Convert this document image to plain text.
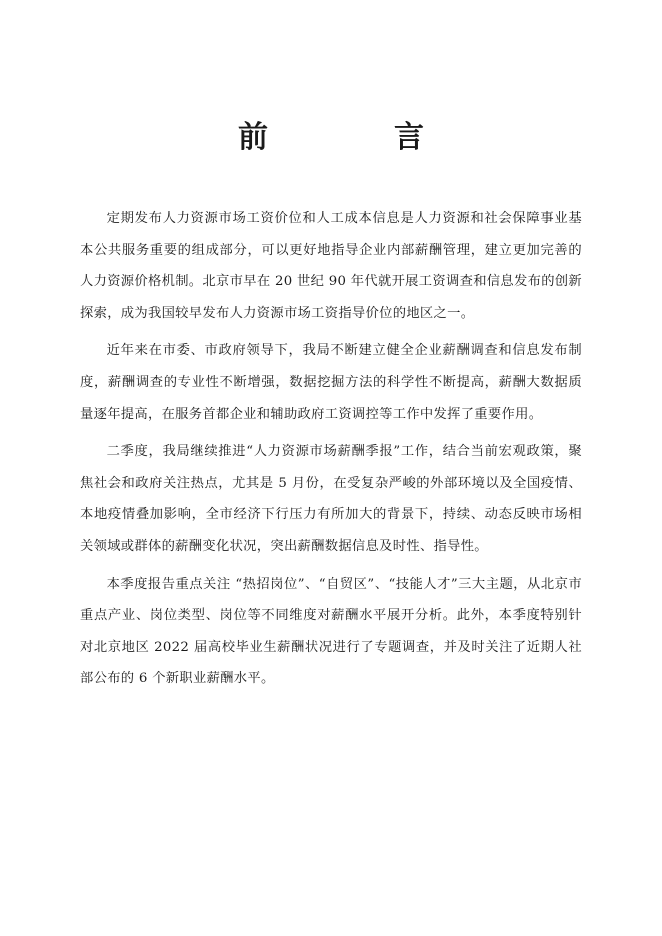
前　言

定期发布人力资源市场工资价位和人工成本信息是人力资源和社会保障事业基本公共服务重要的组成部分，可以更好地指导企业内部薪酬管理，建立更加完善的人力资源价格机制。北京市早在 20 世纪 90 年代就开展工资调查和信息发布的创新探索，成为我国较早发布人力资源市场工资指导价位的地区之一。

近年来在市委、市政府领导下，我局不断建立健全企业薪酬调查和信息发布制度，薪酬调查的专业性不断增强，数据挖掘方法的科学性不断提高，薪酬大数据质量逐年提高，在服务首都企业和辅助政府工资调控等工作中发挥了重要作用。

二季度，我局继续推进“人力资源市场薪酬季报”工作，结合当前宏观政策，聚焦社会和政府关注热点，尤其是 5 月份，在受复杂严峻的外部环境以及全国疫情、本地疫情叠加影响，全市经济下行压力有所加大的背景下，持续、动态反映市场相关领域或群体的薪酬变化状况，突出薪酬数据信息及时性、指导性。

本季度报告重点关注 “热招岗位”、“自贸区”、“技能人才”三大主题，从北京市重点产业、岗位类型、岗位等不同维度对薪酬水平展开分析。此外，本季度特别针对北京地区 2022 届高校毕业生薪酬状况进行了专题调查，并及时关注了近期人社部公布的 6 个新职业薪酬水平。
